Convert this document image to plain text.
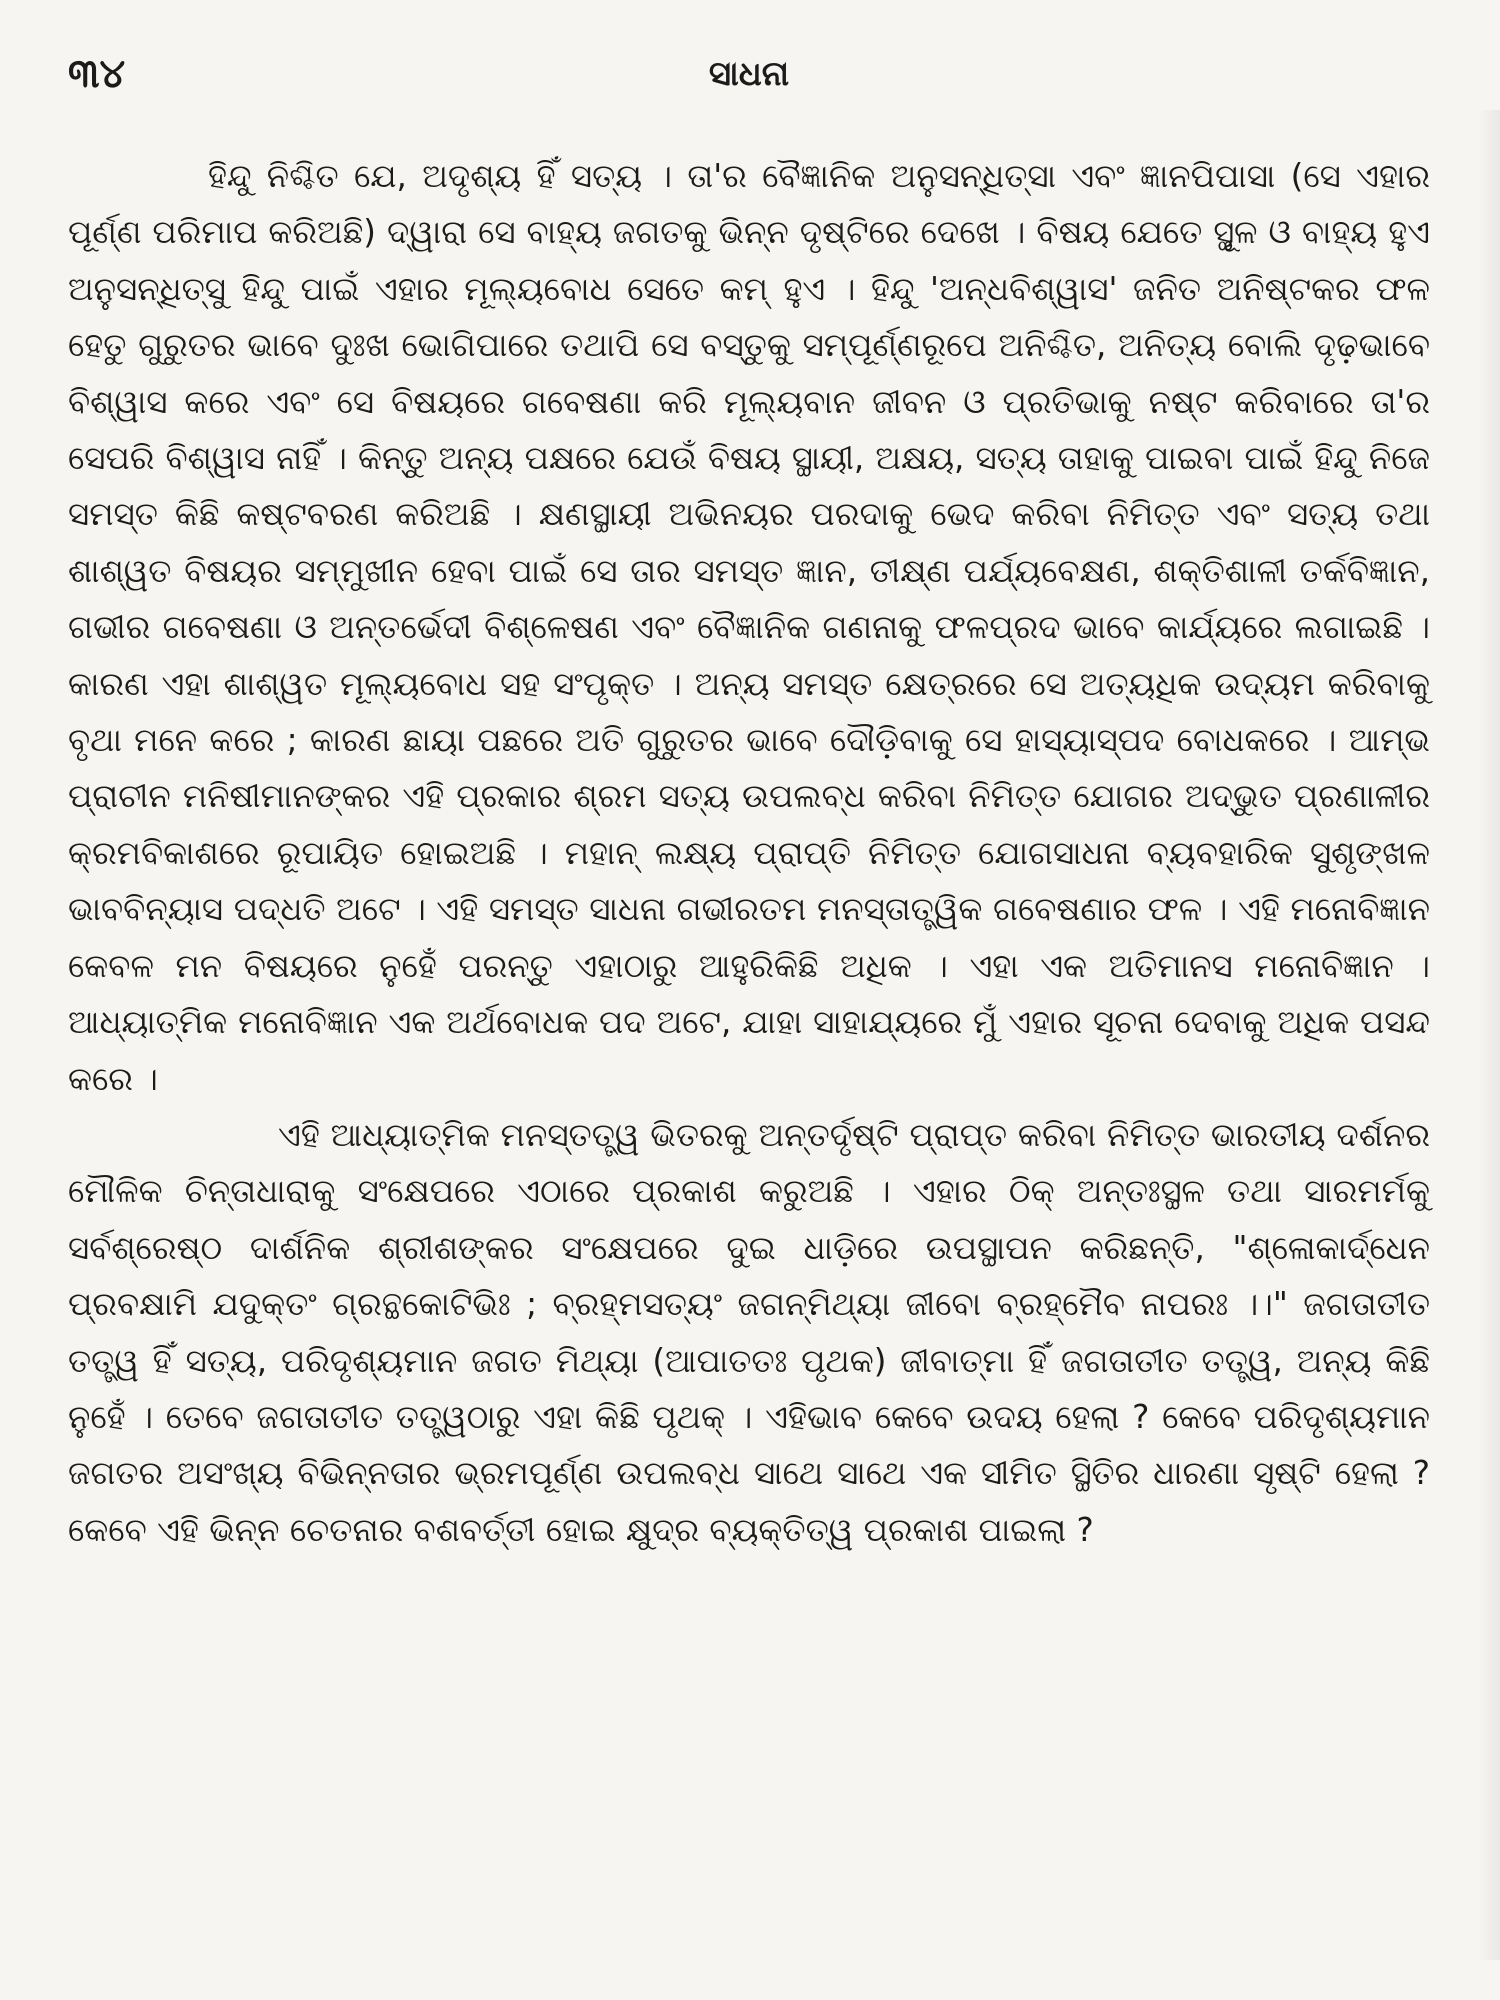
୩୪	ସାଧନା

ହିନ୍ଦୁ ନିଶ୍ଚିତ ଯେ, ଅଦୃଶ୍ୟ ହିଁ ସତ୍ୟ । ତା'ର ବୈଜ୍ଞାନିକ ଅନୁସନ୍ଧିତ୍ସା ଏବଂ ଜ୍ଞାନପିପାସା (ସେ ଏହାର ପୂର୍ଣ୍ଣ ପରିମାପ କରିଅଛି) ଦ୍ୱାରା ସେ ବାହ୍ୟ ଜଗତକୁ ଭିନ୍ନ ଦୃଷ୍ଟିରେ ଦେଖେ । ବିଷୟ ଯେତେ ସ୍ଥୂଳ ଓ ବାହ୍ୟ ହୁଏ ଅନୁସନ୍ଧିତ୍ସୁ ହିନ୍ଦୁ ପାଇଁ ଏହାର ମୂଲ୍ୟବୋଧ ସେତେ କମ୍ ହୁଏ । ହିନ୍ଦୁ 'ଅନ୍ଧବିଶ୍ୱାସ' ଜନିତ ଅନିଷ୍ଟକର ଫଳ ହେତୁ ଗୁରୁତର ଭାବେ ଦୁଃଖ ଭୋଗିପାରେ ତଥାପି ସେ ବସ୍ତୁକୁ ସମ୍ପୂର୍ଣ୍ଣରୂପେ ଅନିଶ୍ଚିତ, ଅନିତ୍ୟ ବୋଲି ଦୃଢ଼ଭାବେ ବିଶ୍ୱାସ କରେ ଏବଂ ସେ ବିଷୟରେ ଗବେଷଣା କରି ମୂଲ୍ୟବାନ ଜୀବନ ଓ ପ୍ରତିଭାକୁ ନଷ୍ଟ କରିବାରେ ତା'ର ସେପରି ବିଶ୍ୱାସ ନାହିଁ । କିନ୍ତୁ ଅନ୍ୟ ପକ୍ଷରେ ଯେଉଁ ବିଷୟ ସ୍ଥାୟୀ, ଅକ୍ଷୟ, ସତ୍ୟ ତାହାକୁ ପାଇବା ପାଇଁ ହିନ୍ଦୁ ନିଜେ ସମସ୍ତ କିଛି କଷ୍ଟବରଣ କରିଅଛି । କ୍ଷଣସ୍ଥାୟୀ ଅଭିନୟର ପରଦାକୁ ଭେଦ କରିବା ନିମିତ୍ତ ଏବଂ ସତ୍ୟ ତଥା ଶାଶ୍ୱତ ବିଷୟର ସମ୍ମୁଖୀନ ହେବା ପାଇଁ ସେ ତାର ସମସ୍ତ ଜ୍ଞାନ, ତୀକ୍ଷ୍ଣ ପର୍ଯ୍ୟବେକ୍ଷଣ, ଶକ୍ତିଶାଳୀ ତର୍କବିଜ୍ଞାନ, ଗଭୀର ଗବେଷଣା ଓ ଅନ୍ତର୍ଭେଦୀ ବିଶ୍ଳେଷଣ ଏବଂ ବୈଜ୍ଞାନିକ ଗଣନାକୁ ଫଳପ୍ରଦ ଭାବେ କାର୍ଯ୍ୟରେ ଲଗାଇଛି । କାରଣ ଏହା ଶାଶ୍ୱତ ମୂଲ୍ୟବୋଧ ସହ ସଂପୃକ୍ତ । ଅନ୍ୟ ସମସ୍ତ କ୍ଷେତ୍ରରେ ସେ ଅତ୍ୟଧିକ ଉଦ୍ୟମ କରିବାକୁ ବୃଥା ମନେ କରେ ; କାରଣ ଛାୟା ପଛରେ ଅତି ଗୁରୁତର ଭାବେ ଦୌଡ଼ିବାକୁ ସେ ହାସ୍ୟାସ୍ପଦ ବୋଧକରେ । ଆମ୍ଭ ପ୍ରାଚୀନ ମନିଷୀମାନଙ୍କର ଏହି ପ୍ରକାର ଶ୍ରମ ସତ୍ୟ ଉପଲବ୍ଧ କରିବା ନିମିତ୍ତ ଯୋଗର ଅଦ୍ଭୁତ ପ୍ରଣାଳୀର କ୍ରମବିକାଶରେ ରୂପାୟିତ ହୋଇଅଛି । ମହାନ୍ ଲକ୍ଷ୍ୟ ପ୍ରାପ୍ତି ନିମିତ୍ତ ଯୋଗସାଧନା ବ୍ୟବହାରିକ ସୁଶୃଙ୍ଖଳ ଭାବବିନ୍ୟାସ ପଦ୍ଧତି ଅଟେ । ଏହି ସମସ୍ତ ସାଧନା ଗଭୀରତମ ମନସ୍ତାତ୍ତ୍ୱିକ ଗବେଷଣାର ଫଳ । ଏହି ମନୋବିଜ୍ଞାନ କେବଳ ମନ ବିଷୟରେ ନୁହେଁ ପରନ୍ତୁ ଏହାଠାରୁ ଆହୁରିକିଛି ଅଧିକ । ଏହା ଏକ ଅତିମାନସ ମନୋବିଜ୍ଞାନ । ଆଧ୍ୟାତ୍ମିକ ମନୋବିଜ୍ଞାନ ଏକ ଅର୍ଥବୋଧକ ପଦ ଅଟେ, ଯାହା ସାହାଯ୍ୟରେ ମୁଁ ଏହାର ସୂଚନା ଦେବାକୁ ଅଧିକ ପସନ୍ଦ କରେ ।

ଏହି ଆଧ୍ୟାତ୍ମିକ ମନସ୍ତତ୍ତ୍ୱ ଭିତରକୁ ଅନ୍ତର୍ଦୃଷ୍ଟି ପ୍ରାପ୍ତ କରିବା ନିମିତ୍ତ ଭାରତୀୟ ଦର୍ଶନର ମୌଳିକ ଚିନ୍ତାଧାରାକୁ ସଂକ୍ଷେପରେ ଏଠାରେ ପ୍ରକାଶ କରୁଅଛି । ଏହାର ଠିକ୍ ଅନ୍ତଃସ୍ଥଳ ତଥା ସାରମର୍ମକୁ ସର୍ବଶ୍ରେଷ୍ଠ ଦାର୍ଶନିକ ଶ୍ରୀଶଙ୍କର ସଂକ୍ଷେପରେ ଦୁଇ ଧାଡ଼ିରେ ଉପସ୍ଥାପନ କରିଛନ୍ତି, "ଶ୍ଳୋକାର୍ଦ୍ଧେନ ପ୍ରବକ୍ଷାମି ଯଦୁକ୍ତଂ ଗ୍ରନ୍ଥକୋଟିଭିଃ ; ବ୍ରହ୍ମସତ୍ୟଂ ଜଗନ୍ମିଥ୍ୟା ଜୀବୋ ବ୍ରହ୍ମୈବ ନାପରଃ ।।" ଜଗତାତୀତ ତତ୍ତ୍ୱ ହିଁ ସତ୍ୟ, ପରିଦୃଶ୍ୟମାନ ଜଗତ ମିଥ୍ୟା (ଆପାତତଃ ପୃଥକ) ଜୀବାତ୍ମା ହିଁ ଜଗତାତୀତ ତତ୍ତ୍ୱ, ଅନ୍ୟ କିଛି ନୁହେଁ । ତେବେ ଜଗତାତୀତ ତତ୍ତ୍ୱଠାରୁ ଏହା କିଛି ପୃଥକ୍ । ଏହିଭାବ କେବେ ଉଦୟ ହେଲା ? କେବେ ପରିଦୃଶ୍ୟମାନ ଜଗତର ଅସଂଖ୍ୟ ବିଭିନ୍ନତାର ଭ୍ରମପୂର୍ଣ୍ଣ ଉପଲବ୍ଧ ସାଥେ ସାଥେ ଏକ ସୀମିତ ସ୍ଥିତିର ଧାରଣା ସୃଷ୍ଟି ହେଲା ? କେବେ ଏହି ଭିନ୍ନ ଚେତନାର ବଶବର୍ତ୍ତୀ ହୋଇ କ୍ଷୁଦ୍ର ବ୍ୟକ୍ତିତ୍ୱ ପ୍ରକାଶ ପାଇଲା ?
